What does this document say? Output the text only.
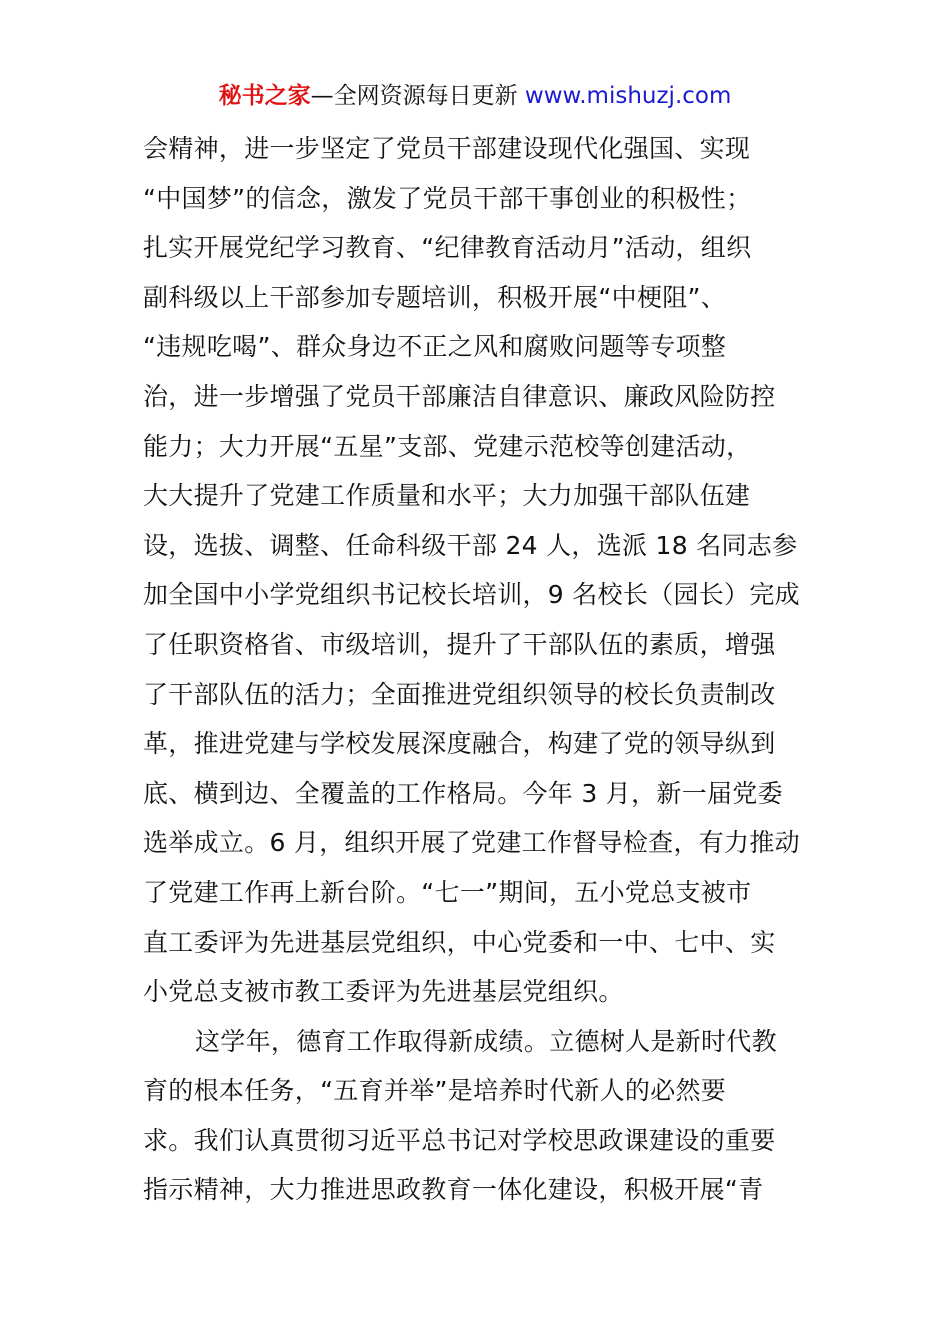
秘书之家—全网资源每日更新 www.mishuzj.com
会精神，进一步坚定了党员干部建设现代化强国、实现
“中国梦”的信念，激发了党员干部干事创业的积极性；
扎实开展党纪学习教育、“纪律教育活动月”活动，组织
副科级以上干部参加专题培训，积极开展“中梗阻”、
“违规吃喝”、群众身边不正之风和腐败问题等专项整
治，进一步增强了党员干部廉洁自律意识、廉政风险防控
能力；大力开展“五星”支部、党建示范校等创建活动，
大大提升了党建工作质量和水平；大力加强干部队伍建
设，选拔、调整、任命科级干部 24 人，选派 18 名同志参
加全国中小学党组织书记校长培训，9 名校长（园长）完成
了任职资格省、市级培训，提升了干部队伍的素质，增强
了干部队伍的活力；全面推进党组织领导的校长负责制改
革，推进党建与学校发展深度融合，构建了党的领导纵到
底、横到边、全覆盖的工作格局。今年 3 月，新一届党委
选举成立。6 月，组织开展了党建工作督导检查，有力推动
了党建工作再上新台阶。“七一”期间，五小党总支被市
直工委评为先进基层党组织，中心党委和一中、七中、实
小党总支被市教工委评为先进基层党组织。
这学年，德育工作取得新成绩。立德树人是新时代教
育的根本任务，“五育并举”是培养时代新人的必然要
求。我们认真贯彻习近平总书记对学校思政课建设的重要
指示精神，大力推进思政教育一体化建设，积极开展“青
